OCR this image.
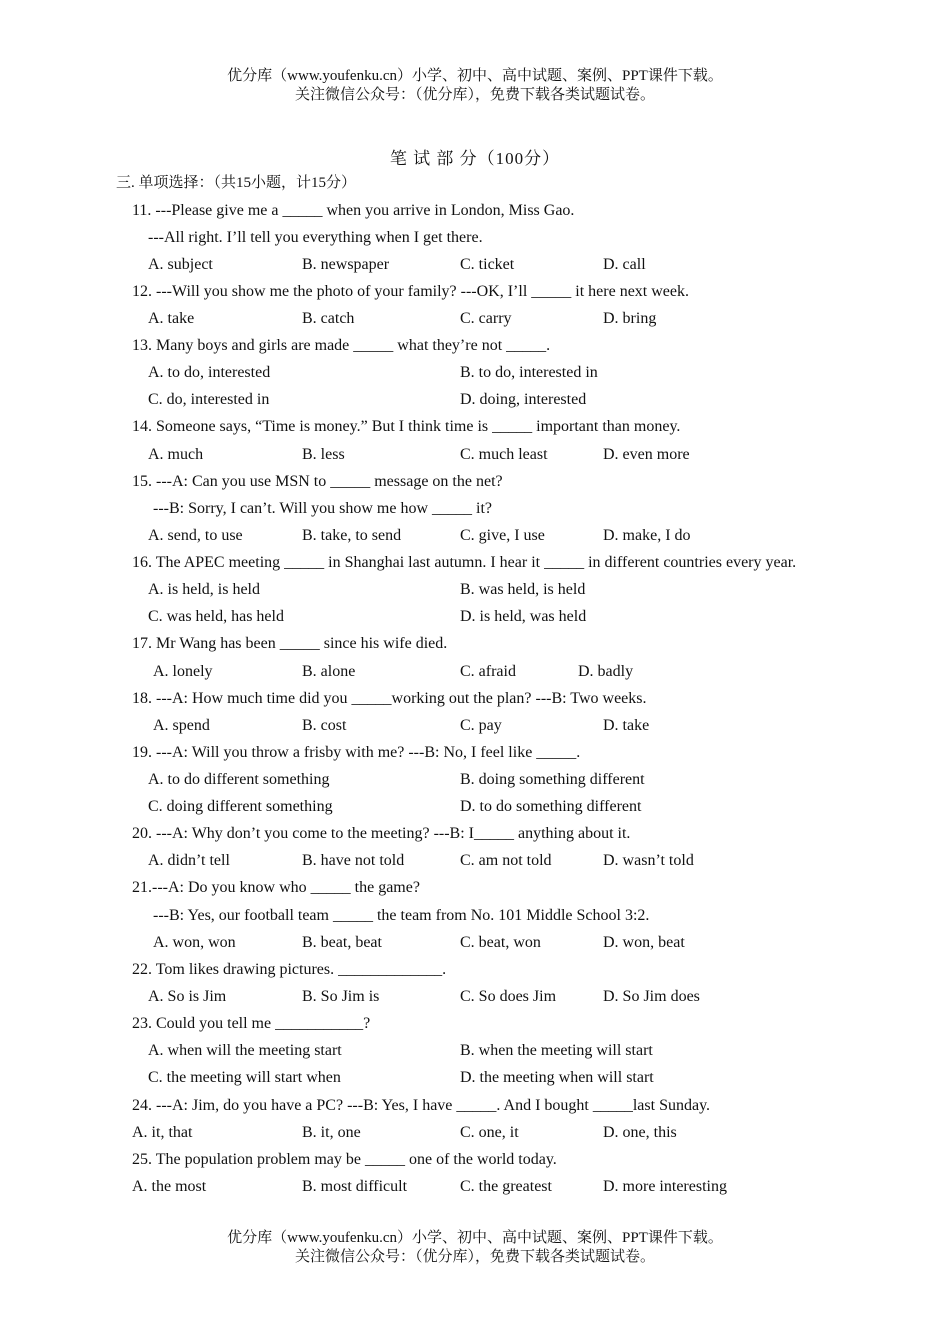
优分库（www.youfenku.cn）小学、初中、高中试题、案例、PPT课件下载。
关注微信公众号：（优分库），免费下载各类试题试卷。
笔 试 部 分（100分）
三. 单项选择：（共15小题，计15分）
11. ---Please give me a _____ when you arrive in London, Miss Gao.
---All right. I’ll tell you everything when I get there.
A. subject	B. newspaper	C. ticket	D. call
12. ---Will you show me the photo of your family? ---OK, I’ll _____ it here next week.
A. take	B. catch	C. carry	D. bring
13. Many boys and girls are made _____ what they’re not _____.
A. to do, interested	B. to do, interested in
C. do, interested in	D. doing, interested
14. Someone says, “Time is money.” But I think time is _____ important than money.
A. much	B. less	C. much least	D. even more
15. ---A: Can you use MSN to _____ message on the net?
---B: Sorry, I can’t. Will you show me how _____ it?
A. send, to use	B. take, to send	C. give, I use	D. make, I do
16. The APEC meeting _____ in Shanghai last autumn. I hear it _____ in different countries every year.
A. is held, is held	B. was held, is held
C. was held, has held	D. is held, was held
17. Mr Wang has been _____ since his wife died.
A. lonely	B. alone	C. afraid	D. badly
18. ---A: How much time did you _____working out the plan? ---B: Two weeks.
A. spend	B. cost	C. pay	D. take
19. ---A: Will you throw a frisby with me? ---B: No, I feel like _____.
A. to do different something	B. doing something different
C. doing different something	D. to do something different
20. ---A: Why don’t you come to the meeting? ---B: I_____ anything about it.
A. didn’t tell	B. have not told	C. am not told	D. wasn’t told
21.---A: Do you know who _____ the game?
---B: Yes, our football team _____ the team from No. 101 Middle School 3:2.
A. won, won	B. beat, beat	C. beat, won	D. won, beat
22. Tom likes drawing pictures. _____________.
A. So is Jim	B. So Jim is	C. So does Jim	D. So Jim does
23. Could you tell me ___________?
A. when will the meeting start	B. when the meeting will start
C. the meeting will start when	D. the meeting when will start
24. ---A: Jim, do you have a PC? ---B: Yes, I have _____. And I bought _____last Sunday.
A. it, that	B. it, one	C. one, it	D. one, this
25. The population problem may be _____ one of the world today.
A. the most	B. most difficult	C. the greatest	D. more interesting
优分库（www.youfenku.cn）小学、初中、高中试题、案例、PPT课件下载。
关注微信公众号：（优分库），免费下载各类试题试卷。
